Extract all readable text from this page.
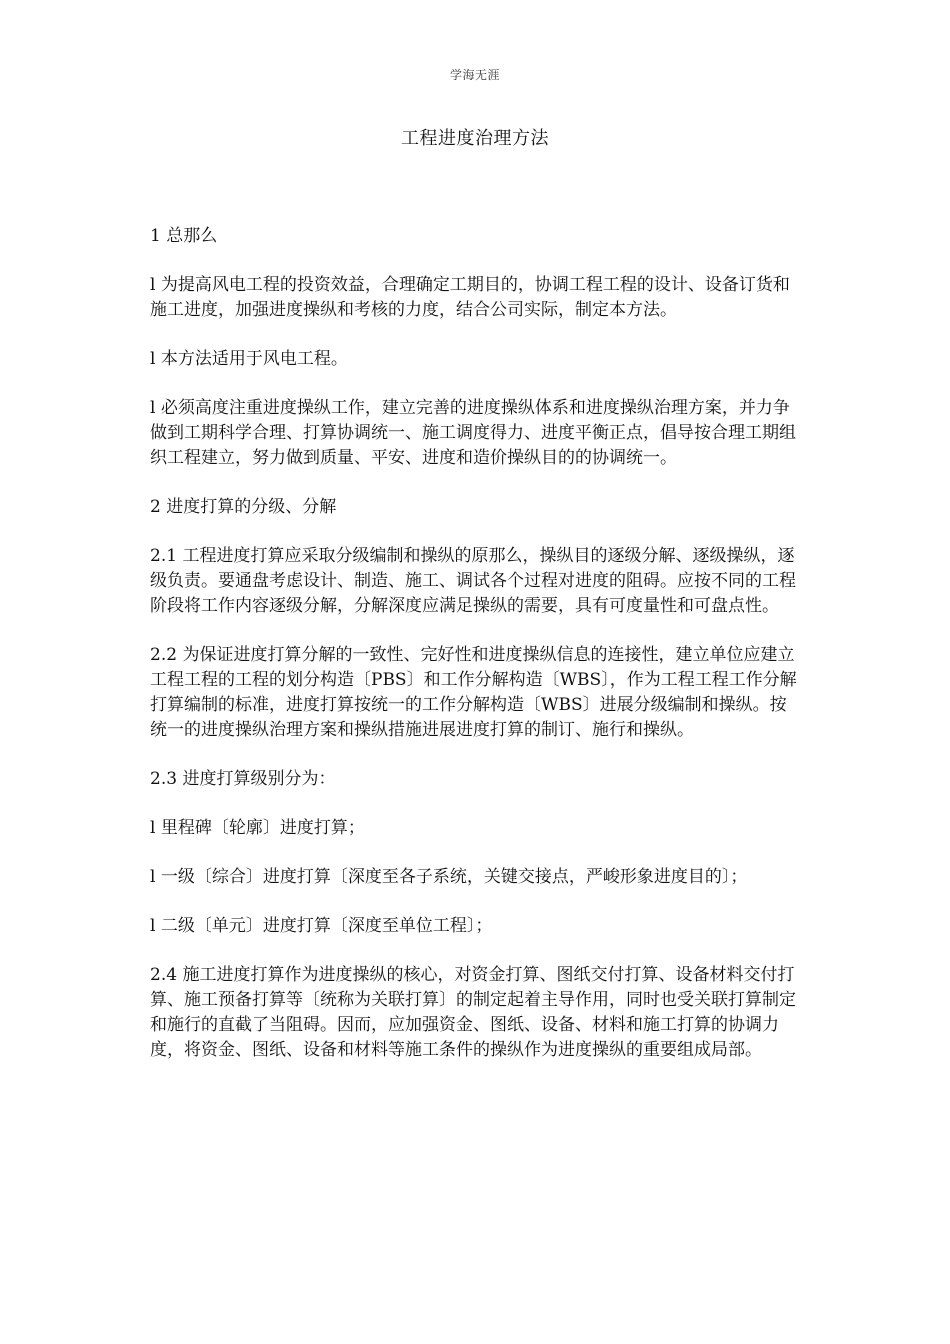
学海无涯
工程进度治理方法

1 总那么

l 为提高风电工程的投资效益，合理确定工期目的，协调工程工程的设计、设备订货和施工进度，加强进度操纵和考核的力度，结合公司实际，制定本方法。

l 本方法适用于风电工程。

l 必须高度注重进度操纵工作，建立完善的进度操纵体系和进度操纵治理方案，并力争做到工期科学合理、打算协调统一、施工调度得力、进度平衡正点，倡导按合理工期组织工程建立，努力做到质量、平安、进度和造价操纵目的的协调统一。

2 进度打算的分级、分解

2.1 工程进度打算应采取分级编制和操纵的原那么，操纵目的逐级分解、逐级操纵，逐级负责。要通盘考虑设计、制造、施工、调试各个过程对进度的阻碍。应按不同的工程阶段将工作内容逐级分解，分解深度应满足操纵的需要，具有可度量性和可盘点性。

2.2 为保证进度打算分解的一致性、完好性和进度操纵信息的连接性，建立单位应建立工程工程的工程的划分构造〔PBS〕和工作分解构造〔WBS〕，作为工程工程工作分解打算编制的标准，进度打算按统一的工作分解构造〔WBS〕进展分级编制和操纵。按统一的进度操纵治理方案和操纵措施进展进度打算的制订、施行和操纵。

2.3 进度打算级别分为：

l 里程碑〔轮廓〕进度打算；

l 一级〔综合〕进度打算〔深度至各子系统，关键交接点，严峻形象进度目的〕；

l 二级〔单元〕进度打算〔深度至单位工程〕；

2.4 施工进度打算作为进度操纵的核心，对资金打算、图纸交付打算、设备材料交付打算、施工预备打算等〔统称为关联打算〕的制定起着主导作用，同时也受关联打算制定和施行的直截了当阻碍。因而，应加强资金、图纸、设备、材料和施工打算的协调力度，将资金、图纸、设备和材料等施工条件的操纵作为进度操纵的重要组成局部。
